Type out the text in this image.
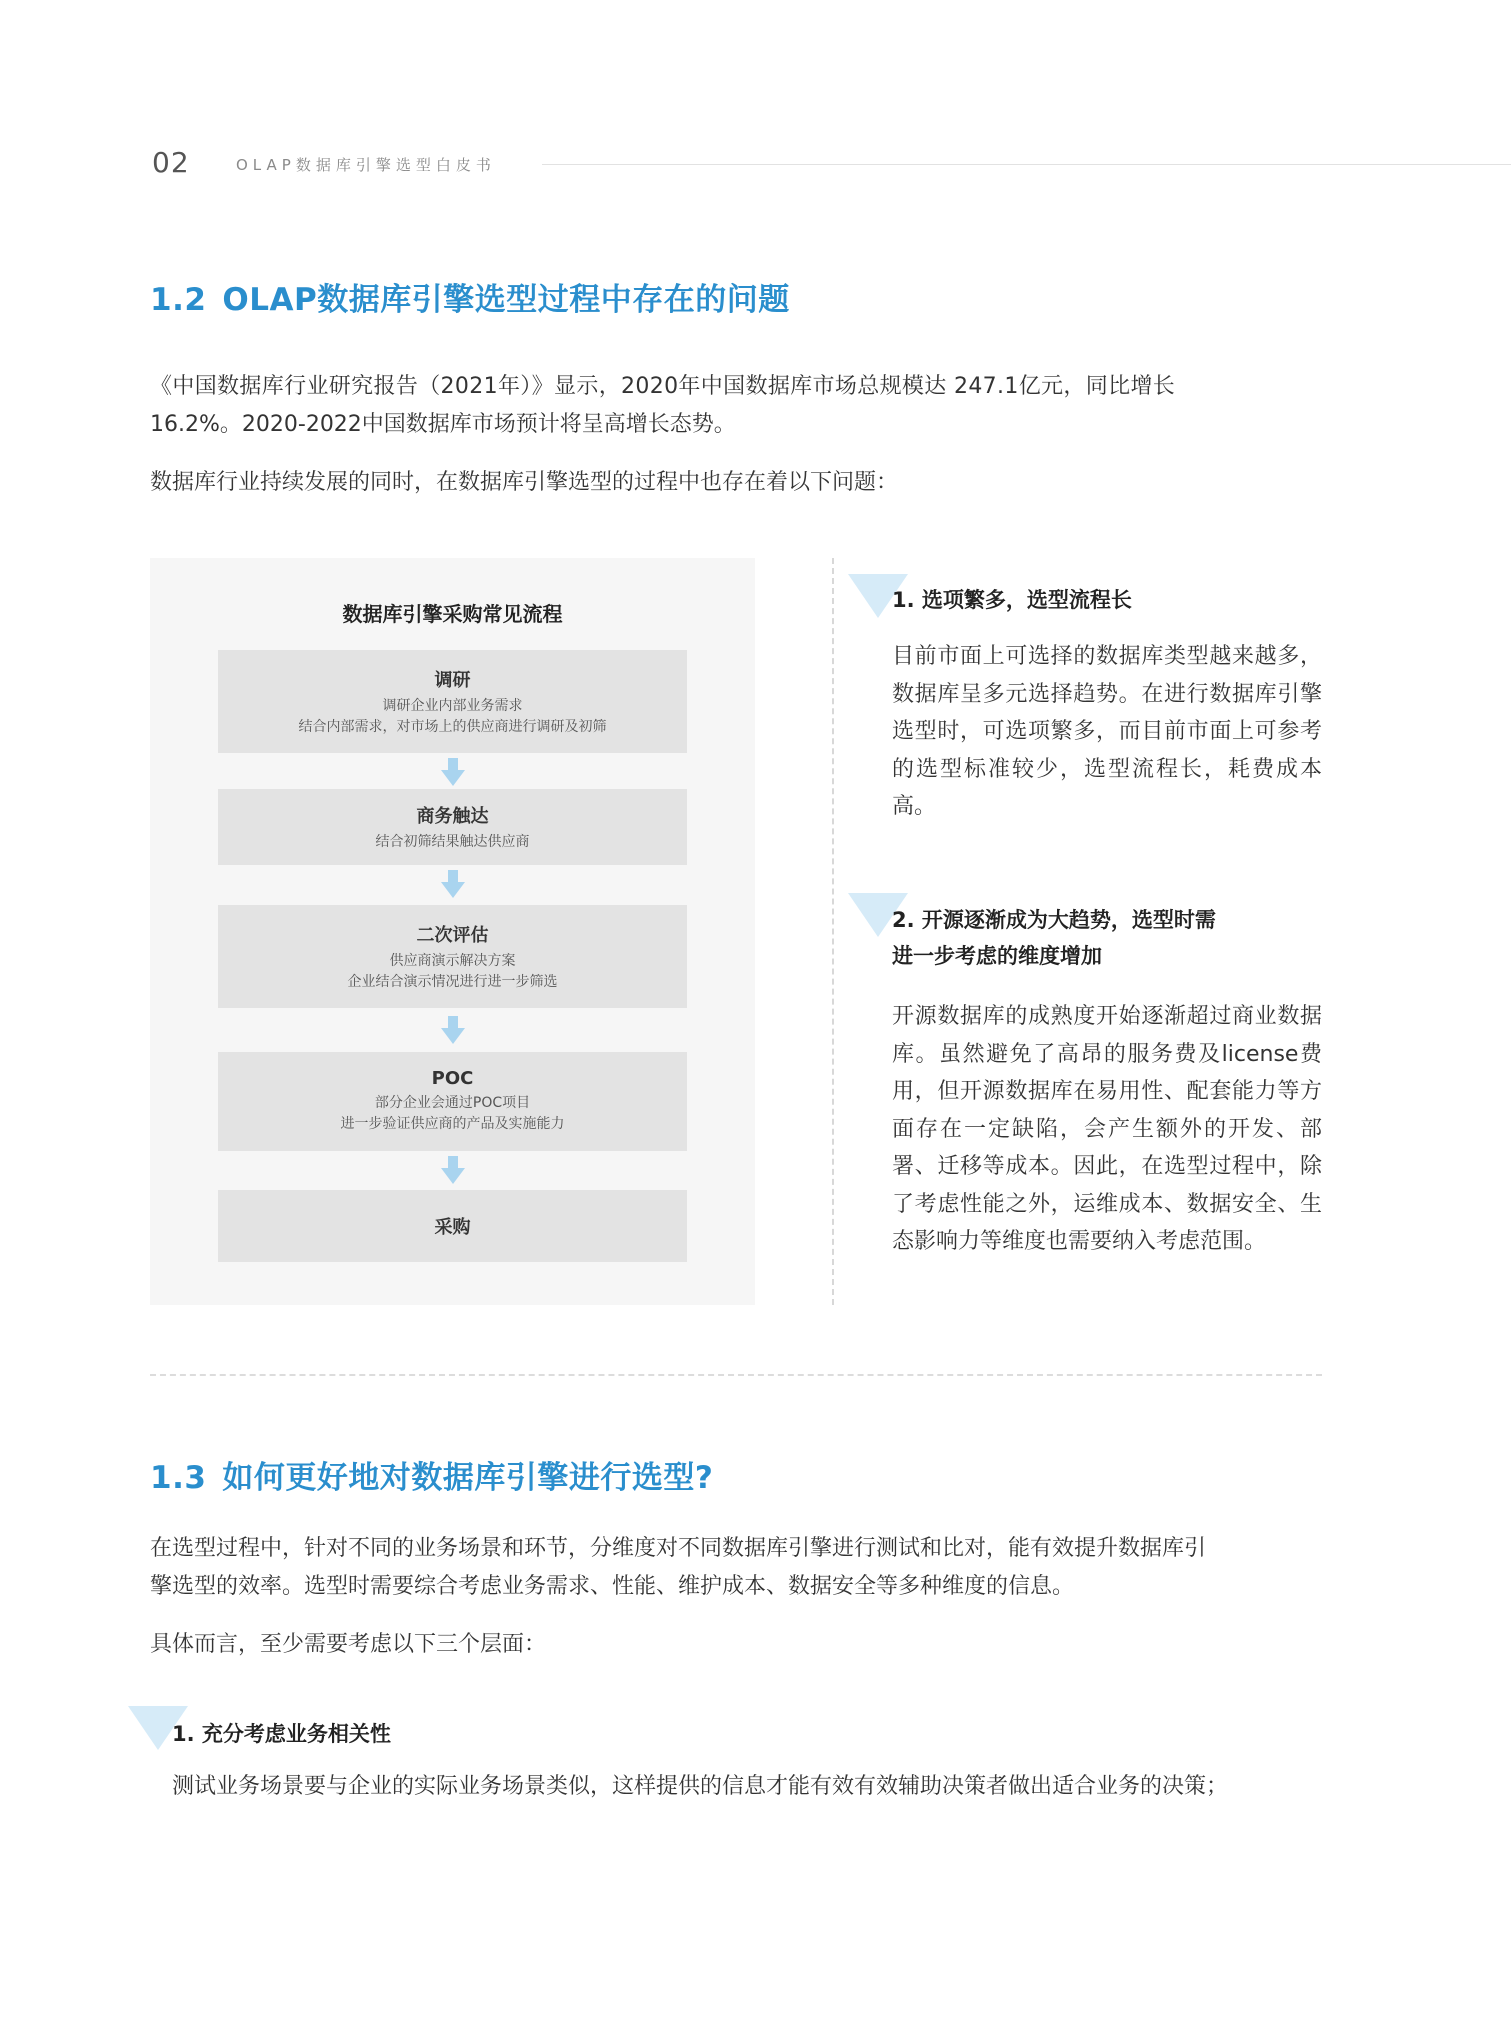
02	OLAP数据库引擎选型白皮书
1.2 OLAP数据库引擎选型过程中存在的问题
《中国数据库行业研究报告（2021年）》显示，2020年中国数据库市场总规模达 247.1亿元，同比增长
16.2%。2020-2022中国数据库市场预计将呈高增长态势。
数据库行业持续发展的同时，在数据库引擎选型的过程中也存在着以下问题：
数据库引擎采购常见流程
调研
调研企业内部业务需求
结合内部需求，对市场上的供应商进行调研及初筛
商务触达
结合初筛结果触达供应商
二次评估
供应商演示解决方案
企业结合演示情况进行进一步筛选
POC
部分企业会通过POC项目
进一步验证供应商的产品及实施能力
采购
1. 选项繁多，选型流程长
目前市面上可选择的数据库类型越来越多，数据库呈多元选择趋势。在进行数据库引擎选型时，可选项繁多，而目前市面上可参考的选型标准较少，选型流程长，耗费成本高。
2. 开源逐渐成为大趋势，选型时需
进一步考虑的维度增加
开源数据库的成熟度开始逐渐超过商业数据库。虽然避免了高昂的服务费及license费用，但开源数据库在易用性、配套能力等方面存在一定缺陷，会产生额外的开发、部署、迁移等成本。因此，在选型过程中，除了考虑性能之外，运维成本、数据安全、生态影响力等维度也需要纳入考虑范围。
1.3 如何更好地对数据库引擎进行选型?
在选型过程中，针对不同的业务场景和环节，分维度对不同数据库引擎进行测试和比对，能有效提升数据库引
擎选型的效率。选型时需要综合考虑业务需求、性能、维护成本、数据安全等多种维度的信息。
具体而言，至少需要考虑以下三个层面：
1. 充分考虑业务相关性
测试业务场景要与企业的实际业务场景类似，这样提供的信息才能有效有效辅助决策者做出适合业务的决策；
